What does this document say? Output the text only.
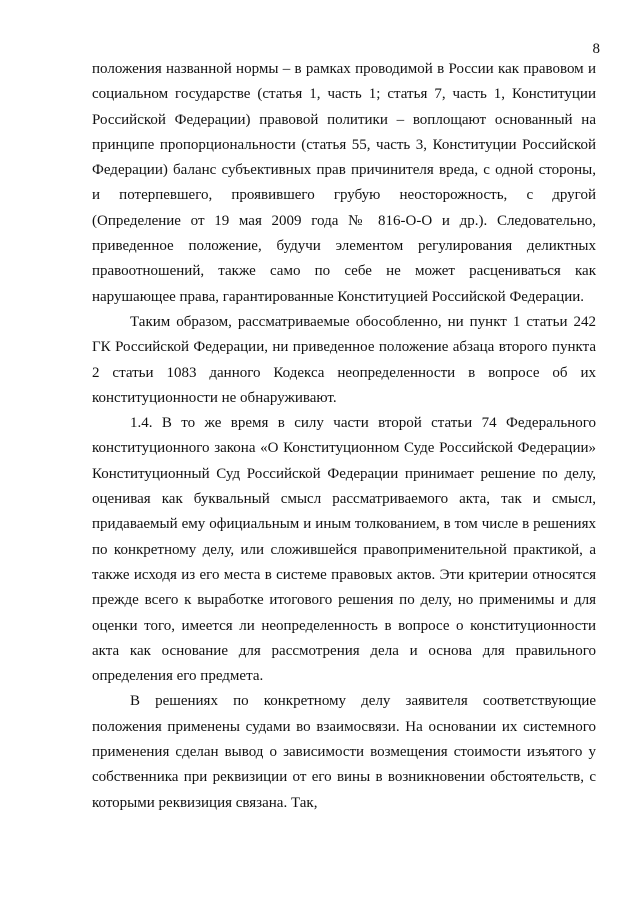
8

положения названной нормы – в рамках проводимой в России как правовом и социальном государстве (статья 1, часть 1; статья 7, часть 1, Конституции Российской Федерации) правовой политики – воплощают основанный на принципе пропорциональности (статья 55, часть 3, Конституции Российской Федерации) баланс субъективных прав причинителя вреда, с одной стороны, и потерпевшего, проявившего грубую неосторожность, с другой (Определение от 19 мая 2009 года № 816-О-О и др.). Следовательно, приведенное положение, будучи элементом регулирования деликтных правоотношений, также само по себе не может расцениваться как нарушающее права, гарантированные Конституцией Российской Федерации.

Таким образом, рассматриваемые обособленно, ни пункт 1 статьи 242 ГК Российской Федерации, ни приведенное положение абзаца второго пункта 2 статьи 1083 данного Кодекса неопределенности в вопросе об их конституционности не обнаруживают.

1.4. В то же время в силу части второй статьи 74 Федерального конституционного закона «О Конституционном Суде Российской Федерации» Конституционный Суд Российской Федерации принимает решение по делу, оценивая как буквальный смысл рассматриваемого акта, так и смысл, придаваемый ему официальным и иным толкованием, в том числе в решениях по конкретному делу, или сложившейся правоприменительной практикой, а также исходя из его места в системе правовых актов. Эти критерии относятся прежде всего к выработке итогового решения по делу, но применимы и для оценки того, имеется ли неопределенность в вопросе о конституционности акта как основание для рассмотрения дела и основа для правильного определения его предмета.

В решениях по конкретному делу заявителя соответствующие положения применены судами во взаимосвязи. На основании их системного применения сделан вывод о зависимости возмещения стоимости изъятого у собственника при реквизиции от его вины в возникновении обстоятельств, с которыми реквизиция связана. Так,
